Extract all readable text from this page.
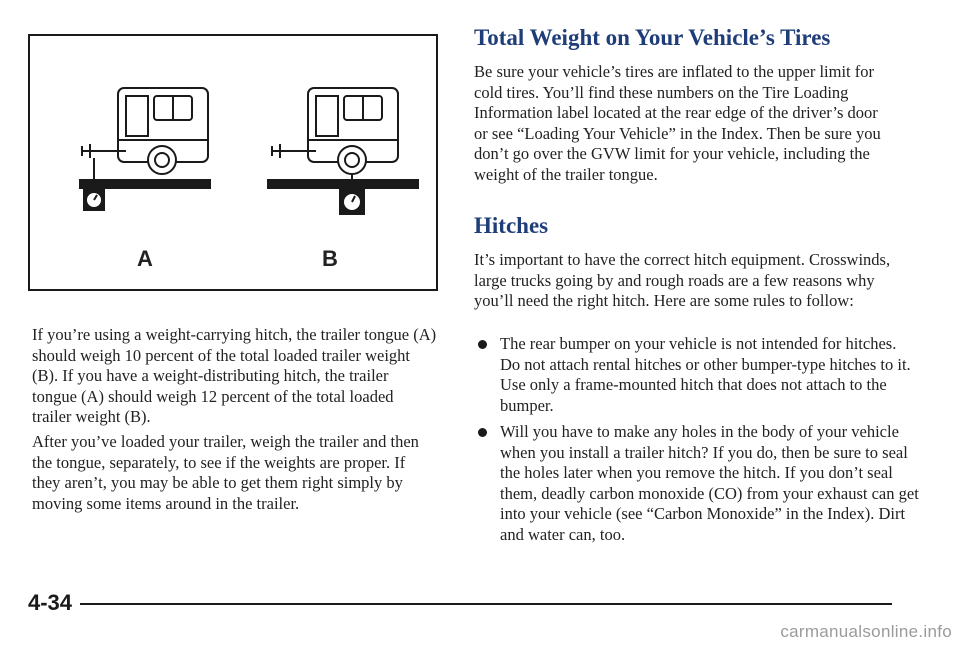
A	B

If you’re using a weight-carrying hitch, the trailer tongue (A) should weigh 10 percent of the total loaded trailer weight (B). If you have a weight-distributing hitch, the trailer tongue (A) should weigh 12 percent of the total loaded trailer weight (B).

After you’ve loaded your trailer, weigh the trailer and then the tongue, separately, to see if the weights are proper. If they aren’t, you may be able to get them right simply by moving some items around in the trailer.

Total Weight on Your Vehicle’s Tires

Be sure your vehicle’s tires are inflated to the upper limit for cold tires. You’ll find these numbers on the Tire Loading Information label located at the rear edge of the driver’s door or see “Loading Your Vehicle” in the Index. Then be sure you don’t go over the GVW limit for your vehicle, including the weight of the trailer tongue.

Hitches

It’s important to have the correct hitch equipment. Crosswinds, large trucks going by and rough roads are a few reasons why you’ll need the right hitch. Here are some rules to follow:

The rear bumper on your vehicle is not intended for hitches. Do not attach rental hitches or other bumper-type hitches to it. Use only a frame-mounted hitch that does not attach to the bumper.

Will you have to make any holes in the body of your vehicle when you install a trailer hitch? If you do, then be sure to seal the holes later when you remove the hitch. If you don’t seal them, deadly carbon monoxide (CO) from your exhaust can get into your vehicle (see “Carbon Monoxide” in the Index). Dirt and water can, too.

4-34
carmanualsonline.info
